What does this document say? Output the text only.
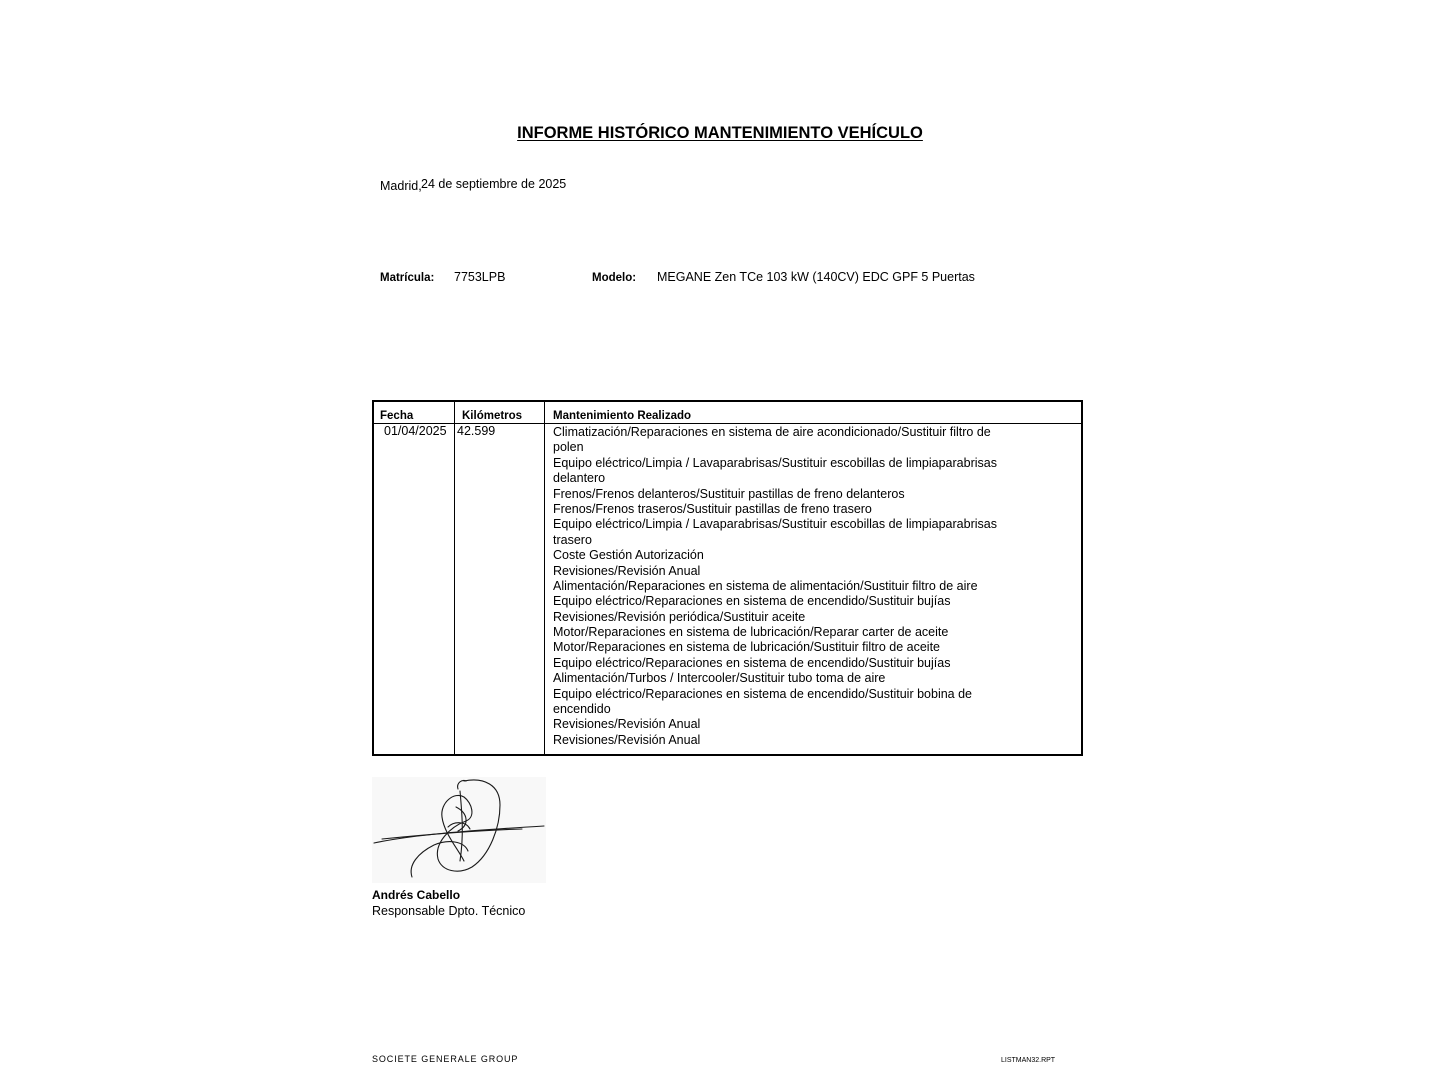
INFORME HISTÓRICO MANTENIMIENTO VEHÍCULO
Madrid, 24 de septiembre de 2025
Matrícula: 7753LPB	Modelo: MEGANE Zen TCe 103 kW (140CV) EDC GPF 5 Puertas
Fecha	Kilómetros	Mantenimiento Realizado
01/04/2025 42.599	Climatización/Reparaciones en sistema de aire acondicionado/Sustituir filtro de
polen
Equipo eléctrico/Limpia / Lavaparabrisas/Sustituir escobillas de limpiaparabrisas
delantero
Frenos/Frenos delanteros/Sustituir pastillas de freno delanteros
Frenos/Frenos traseros/Sustituir pastillas de freno trasero
Equipo eléctrico/Limpia / Lavaparabrisas/Sustituir escobillas de limpiaparabrisas
trasero
Coste Gestión Autorización
Revisiones/Revisión Anual
Alimentación/Reparaciones en sistema de alimentación/Sustituir filtro de aire
Equipo eléctrico/Reparaciones en sistema de encendido/Sustituir bujías
Revisiones/Revisión periódica/Sustituir aceite
Motor/Reparaciones en sistema de lubricación/Reparar carter de aceite
Motor/Reparaciones en sistema de lubricación/Sustituir filtro de aceite
Equipo eléctrico/Reparaciones en sistema de encendido/Sustituir bujías
Alimentación/Turbos / Intercooler/Sustituir tubo toma de aire
Equipo eléctrico/Reparaciones en sistema de encendido/Sustituir bobina de
encendido
Revisiones/Revisión Anual
Revisiones/Revisión Anual
Andrés Cabello
Responsable Dpto. Técnico
SOCIETE GENERALE GROUP	LISTMAN32.RPT
